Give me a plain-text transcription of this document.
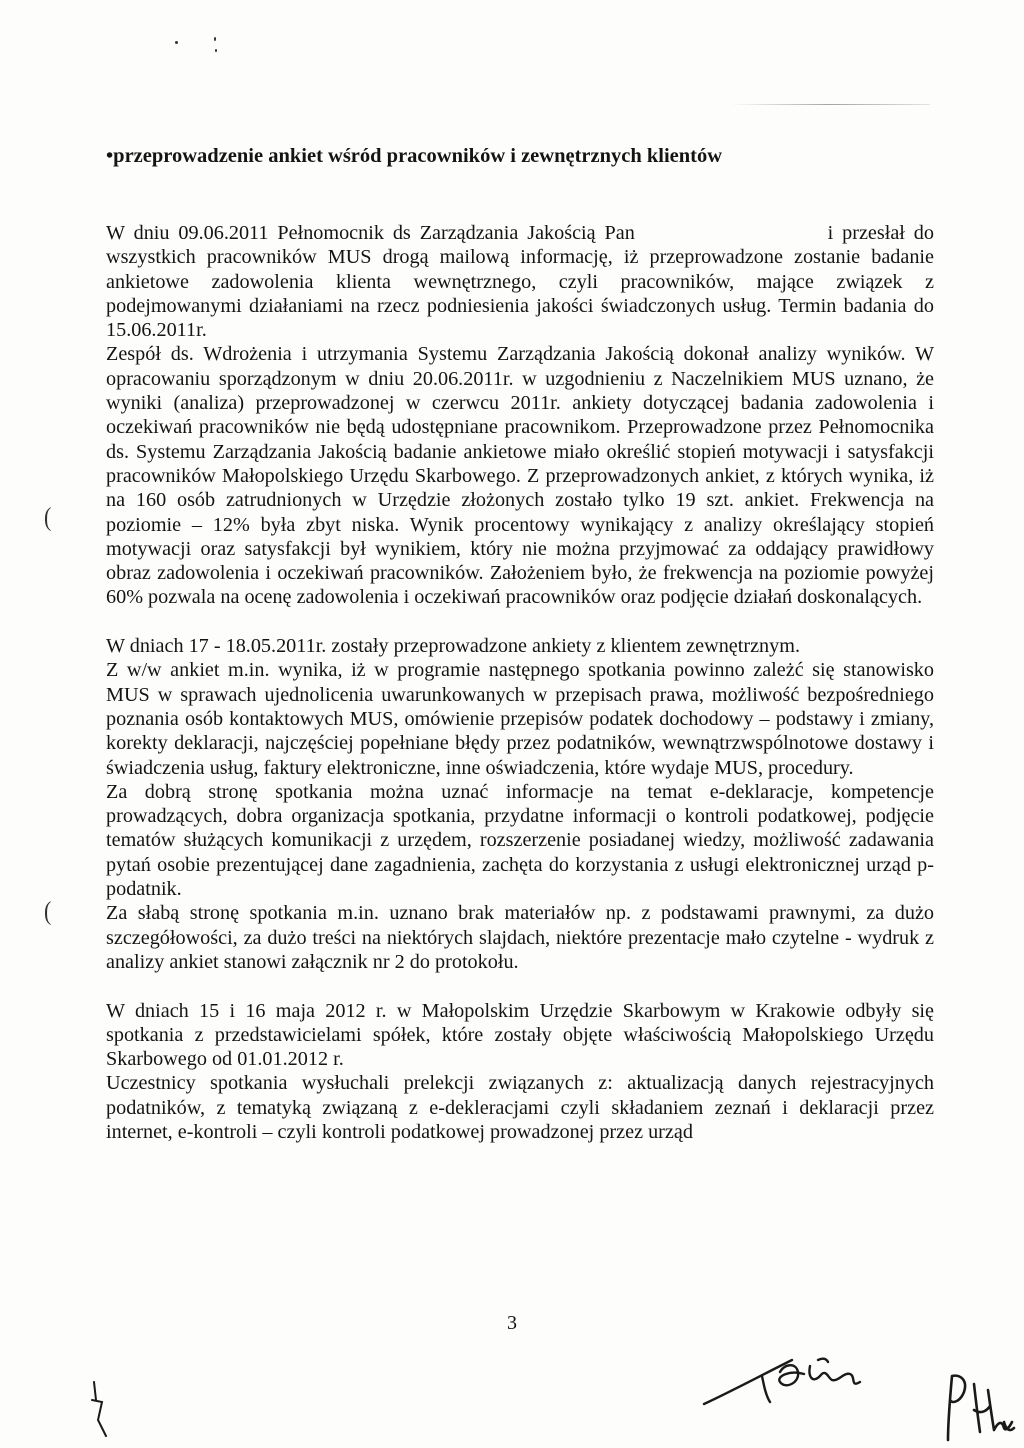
•przeprowadzenie ankiet wśród pracowników i zewnętrznych klientów

W dniu 09.06.2011 Pełnomocnik ds Zarządzania Jakością Pan	i przesłał do wszystkich pracowników MUS drogą mailową informację, iż przeprowadzone zostanie badanie ankietowe zadowolenia klienta wewnętrznego, czyli pracowników, mające związek z podejmowanymi działaniami na rzecz podniesienia jakości świadczonych usług. Termin badania do 15.06.2011r.

Zespół ds. Wdrożenia i utrzymania Systemu Zarządzania Jakością dokonał analizy wyników. W opracowaniu sporządzonym w dniu 20.06.2011r. w uzgodnieniu z Naczelnikiem MUS uznano, że wyniki (analiza) przeprowadzonej w czerwcu 2011r. ankiety dotyczącej badania zadowolenia i oczekiwań pracowników nie będą udostępniane pracownikom. Przeprowadzone przez Pełnomocnika ds. Systemu Zarządzania Jakością badanie ankietowe miało określić stopień motywacji i satysfakcji pracowników Małopolskiego Urzędu Skarbowego. Z przeprowadzonych ankiet, z których wynika, iż na 160 osób zatrudnionych w Urzędzie złożonych zostało tylko 19 szt. ankiet. Frekwencja na poziomie – 12% była zbyt niska. Wynik procentowy wynikający z analizy określający stopień motywacji oraz satysfakcji był wynikiem, który nie można przyjmować za oddający prawidłowy obraz zadowolenia i oczekiwań pracowników. Założeniem było, że frekwencja na poziomie powyżej 60% pozwala na ocenę zadowolenia i oczekiwań pracowników oraz podjęcie działań doskonalących.

W dniach 17 - 18.05.2011r. zostały przeprowadzone ankiety z klientem zewnętrznym.

Z w/w ankiet m.in. wynika, iż w programie następnego spotkania powinno zależć się stanowisko MUS w sprawach ujednolicenia uwarunkowanych w przepisach prawa, możliwość bezpośredniego poznania osób kontaktowych MUS, omówienie przepisów podatek dochodowy – podstawy i zmiany, korekty deklaracji, najczęściej popełniane błędy przez podatników, wewnątrzwspólnotowe dostawy i świadczenia usług, faktury elektroniczne, inne oświadczenia, które wydaje MUS, procedury.

Za dobrą stronę spotkania można uznać informacje na temat e-deklaracje, kompetencje prowadzących, dobra organizacja spotkania, przydatne informacji o kontroli podatkowej, podjęcie tematów służących komunikacji z urzędem, rozszerzenie posiadanej wiedzy, możliwość zadawania pytań osobie prezentującej dane zagadnienia, zachęta do korzystania z usługi elektronicznej urząd p- podatnik.

Za słabą stronę spotkania m.in. uznano brak materiałów np. z podstawami prawnymi, za dużo szczegółowości, za dużo treści na niektórych slajdach, niektóre prezentacje mało czytelne - wydruk z analizy ankiet stanowi załącznik nr 2 do protokołu.

W dniach 15 i 16 maja 2012 r. w Małopolskim Urzędzie Skarbowym w Krakowie odbyły się spotkania z przedstawicielami spółek, które zostały objęte właściwością Małopolskiego Urzędu Skarbowego od 01.01.2012 r.

Uczestnicy spotkania wysłuchali prelekcji związanych z: aktualizacją danych rejestracyjnych podatników, z tematyką związaną z e-dekleracjami czyli składaniem zeznań i deklaracji przez internet, e-kontroli – czyli kontroli podatkowej prowadzonej przez urząd

(
(

3
